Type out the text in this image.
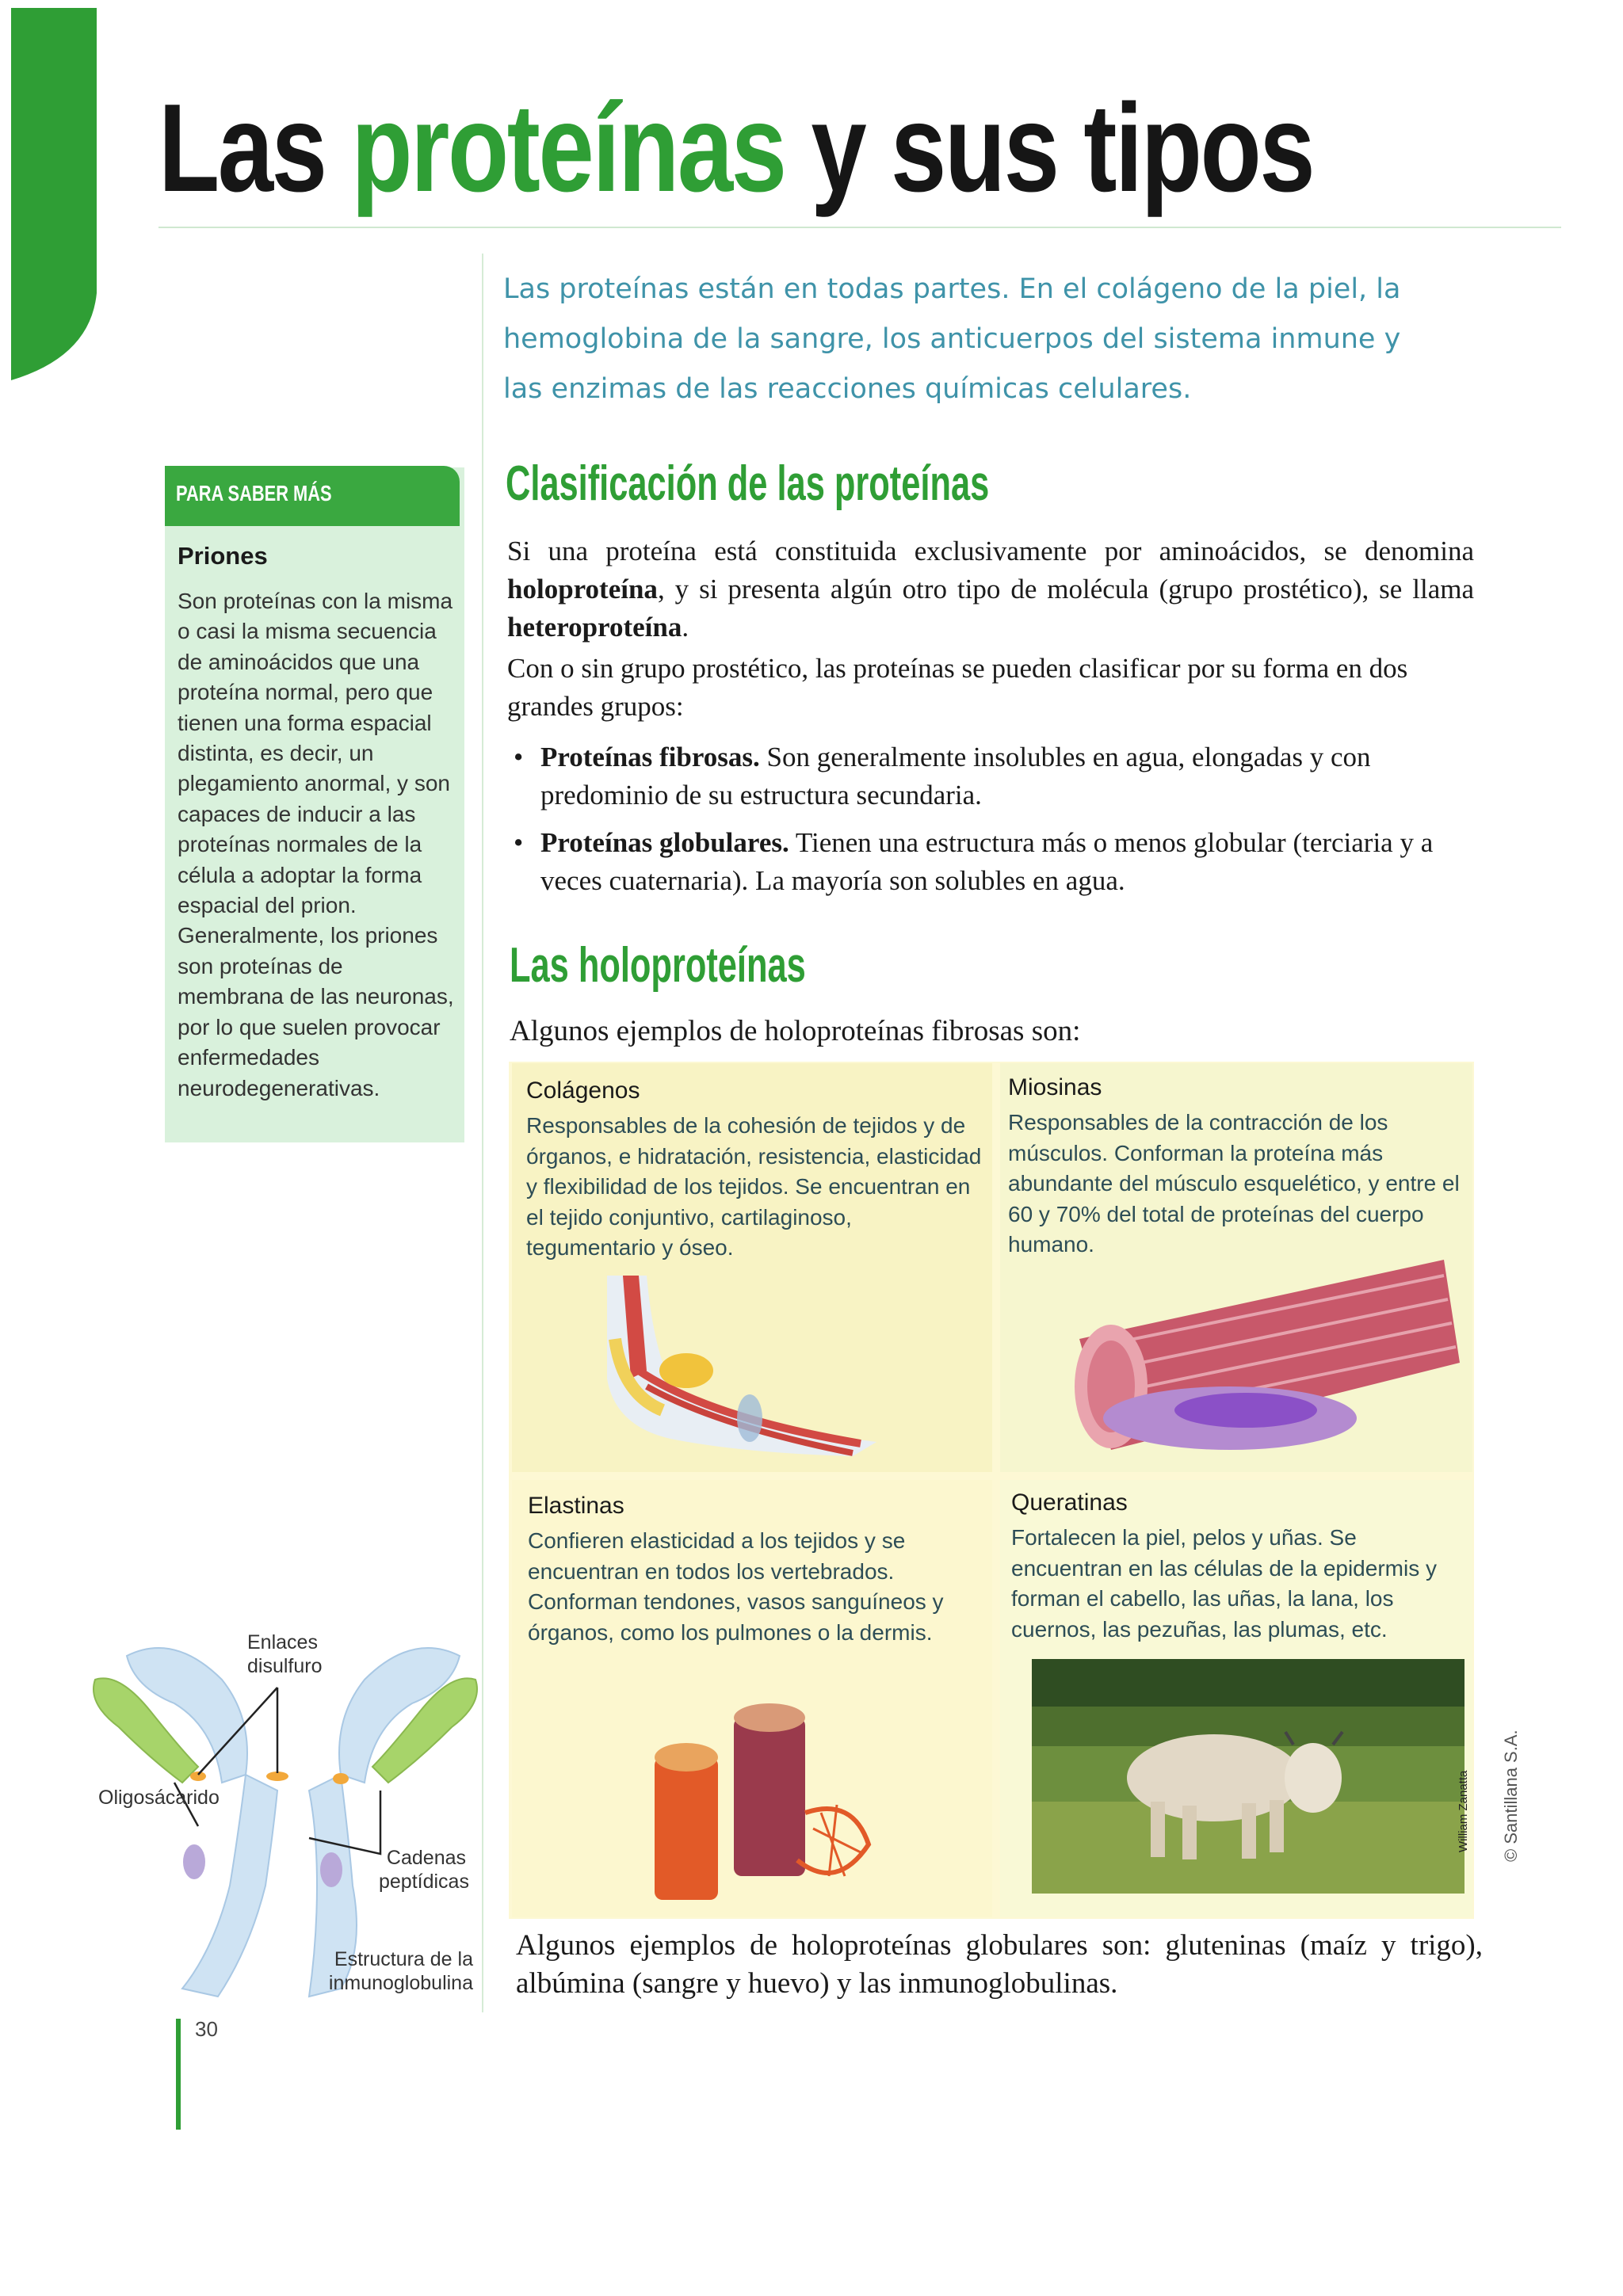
Las proteínas y sus tipos
Las proteínas están en todas partes. En el colágeno de la piel, la hemoglobina de la sangre, los anticuerpos del sistema inmune y las enzimas de las reacciones químicas celulares.
PARA SABER MÁS
Priones
Son proteínas con la misma o casi la misma secuencia de aminoácidos que una proteína normal, pero que tienen una forma espacial distinta, es decir, un plegamiento anormal, y son capaces de inducir a las proteínas normales de la célula a adoptar la forma espacial del prion. Generalmente, los priones son proteínas de membrana de las neuronas, por lo que suelen provocar enfermedades neurodegenerativas.
Clasificación de las proteínas
Si una proteína está constituida exclusivamente por aminoácidos, se denomina holoproteína, y si presenta algún otro tipo de molécula (grupo prostético), se llama heteroproteína.
Con o sin grupo prostético, las proteínas se pueden clasificar por su forma en dos grandes grupos:
• Proteínas fibrosas. Son generalmente insolubles en agua, elongadas y con predominio de su estructura secundaria.
• Proteínas globulares. Tienen una estructura más o menos globular (terciaria y a veces cuaternaria). La mayoría son solubles en agua.
Las holoproteínas
Algunos ejemplos de holoproteínas fibrosas son:
Colágenos
Responsables de la cohesión de tejidos y de órganos, e hidratación, resistencia, elasticidad y flexibilidad de los tejidos. Se encuentran en el tejido conjuntivo, cartilaginoso, tegumentario y óseo.
Miosinas
Responsables de la contracción de los músculos. Conforman la proteína más abundante del músculo esquelético, y entre el 60 y 70% del total de proteínas del cuerpo humano.
Elastinas
Confieren elasticidad a los tejidos y se encuentran en todos los vertebrados. Conforman tendones, vasos sanguíneos y órganos, como los pulmones o la dermis.
Queratinas
Fortalecen la piel, pelos y uñas. Se encuentran en las células de la epidermis y forman el cabello, las uñas, la lana, los cuernos, las pezuñas, las plumas, etc.
William Zanatta
Algunos ejemplos de holoproteínas globulares son: gluteninas (maíz y trigo), albúmina (sangre y huevo) y las inmunoglobulinas.
Enlaces disulfuro
Oligosácarido
Cadenas peptídicas
Estructura de la inmunoglobulina
30
© Santillana S.A.
